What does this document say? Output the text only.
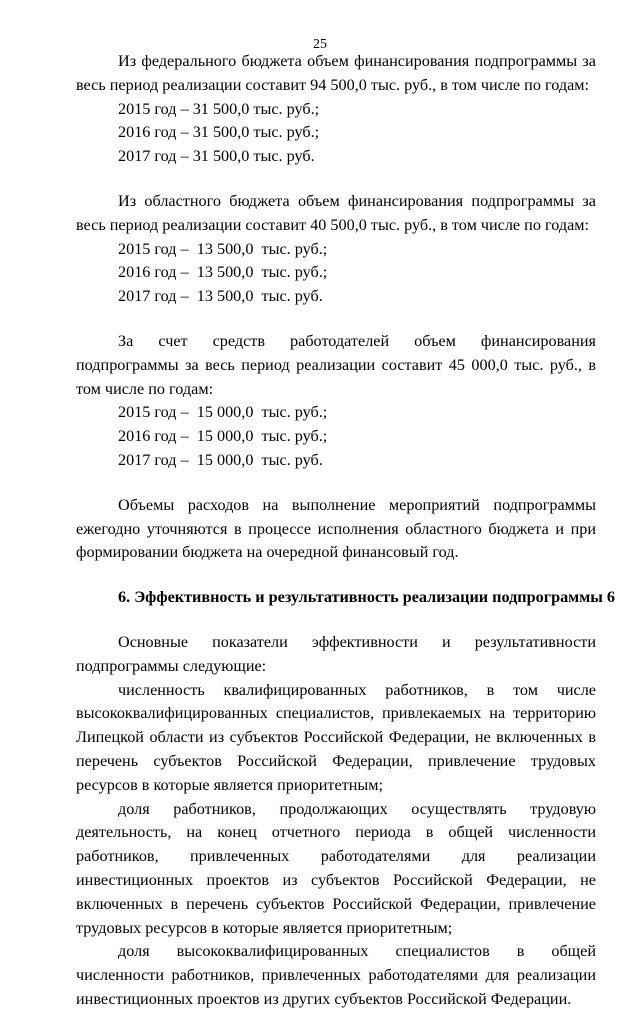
25

Из федерального бюджета объем финансирования подпрограммы за весь период реализации составит 94 500,0 тыс. руб., в том числе по годам:

2015 год – 31 500,0 тыс. руб.;

2016 год – 31 500,0 тыс. руб.;

2017 год – 31 500,0 тыс. руб.

Из областного бюджета объем финансирования подпрограммы за весь период реализации составит 40 500,0 тыс. руб., в том числе по годам:

2015 год –  13 500,0  тыс. руб.;

2016 год –  13 500,0  тыс. руб.;

2017 год –  13 500,0  тыс. руб.

За счет средств работодателей объем финансирования подпрограммы за весь период реализации составит 45 000,0 тыс. руб., в том числе по годам:

2015 год –  15 000,0  тыс. руб.;

2016 год –  15 000,0  тыс. руб.;

2017 год –  15 000,0  тыс. руб.

Объемы расходов на выполнение мероприятий подпрограммы ежегодно уточняются в процессе исполнения областного бюджета и при формировании бюджета на очередной финансовый год.

6. Эффективность и результативность реализации подпрограммы 6

Основные показатели эффективности и результативности подпрограммы следующие:

численность квалифицированных работников, в том числе высококвалифицированных специалистов, привлекаемых на территорию Липецкой области из субъектов Российской Федерации, не включенных в перечень субъектов Российской Федерации, привлечение трудовых ресурсов в которые является приоритетным;

доля работников, продолжающих осуществлять трудовую деятельность, на конец отчетного периода в общей численности работников, привлеченных работодателями для реализации инвестиционных проектов из субъектов Российской Федерации, не включенных в перечень субъектов Российской Федерации, привлечение трудовых ресурсов в которые является приоритетным;

доля высококвалифицированных специалистов в общей численности работников, привлеченных работодателями для реализации инвестиционных проектов из других субъектов Российской Федерации.
